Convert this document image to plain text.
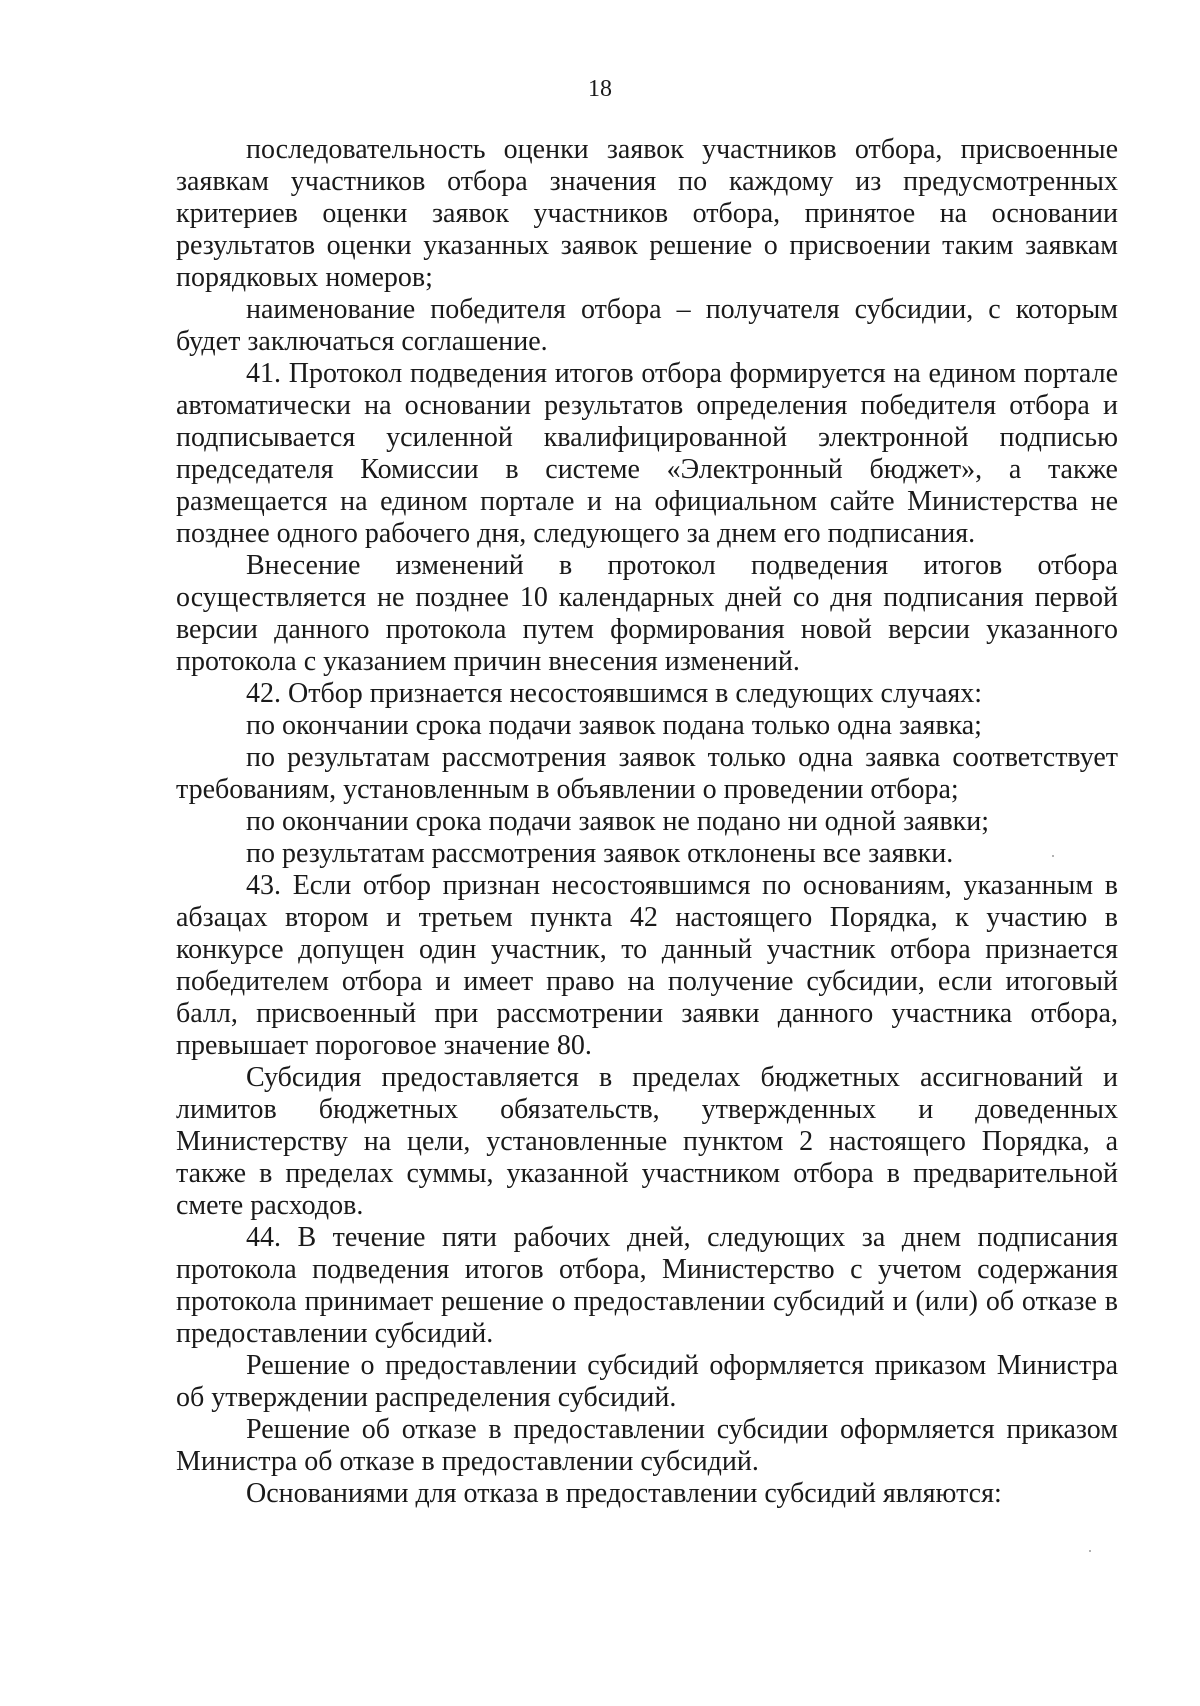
18

последовательность оценки заявок участников отбора, присвоенные заявкам участников отбора значения по каждому из предусмотренных критериев оценки заявок участников отбора, принятое на основании результатов оценки указанных заявок решение о присвоении таким заявкам порядковых номеров;

наименование победителя отбора – получателя субсидии, с которым будет заключаться соглашение.

41. Протокол подведения итогов отбора формируется на едином портале автоматически на основании результатов определения победителя отбора и подписывается усиленной квалифицированной электронной подписью председателя Комиссии в системе «Электронный бюджет», а также размещается на едином портале и на официальном сайте Министерства не позднее одного рабочего дня, следующего за днем его подписания.

Внесение изменений в протокол подведения итогов отбора осуществляется не позднее 10 календарных дней со дня подписания первой версии данного протокола путем формирования новой версии указанного протокола с указанием причин внесения изменений.

42. Отбор признается несостоявшимся в следующих случаях:

по окончании срока подачи заявок подана только одна заявка;

по результатам рассмотрения заявок только одна заявка соответствует требованиям, установленным в объявлении о проведении отбора;

по окончании срока подачи заявок не подано ни одной заявки;

по результатам рассмотрения заявок отклонены все заявки.

43. Если отбор признан несостоявшимся по основаниям, указанным в абзацах втором и третьем пункта 42 настоящего Порядка, к участию в конкурсе допущен один участник, то данный участник отбора признается победителем отбора и имеет право на получение субсидии, если итоговый балл, присвоенный при рассмотрении заявки данного участника отбора, превышает пороговое значение 80.

Субсидия предоставляется в пределах бюджетных ассигнований и лимитов бюджетных обязательств, утвержденных и доведенных Министерству на цели, установленные пунктом 2 настоящего Порядка, а также в пределах суммы, указанной участником отбора в предварительной смете расходов.

44. В течение пяти рабочих дней, следующих за днем подписания протокола подведения итогов отбора, Министерство с учетом содержания протокола принимает решение о предоставлении субсидий и (или) об отказе в предоставлении субсидий.

Решение о предоставлении субсидий оформляется приказом Министра об утверждении распределения субсидий.

Решение об отказе в предоставлении субсидии оформляется приказом Министра об отказе в предоставлении субсидий.

Основаниями для отказа в предоставлении субсидий являются:
